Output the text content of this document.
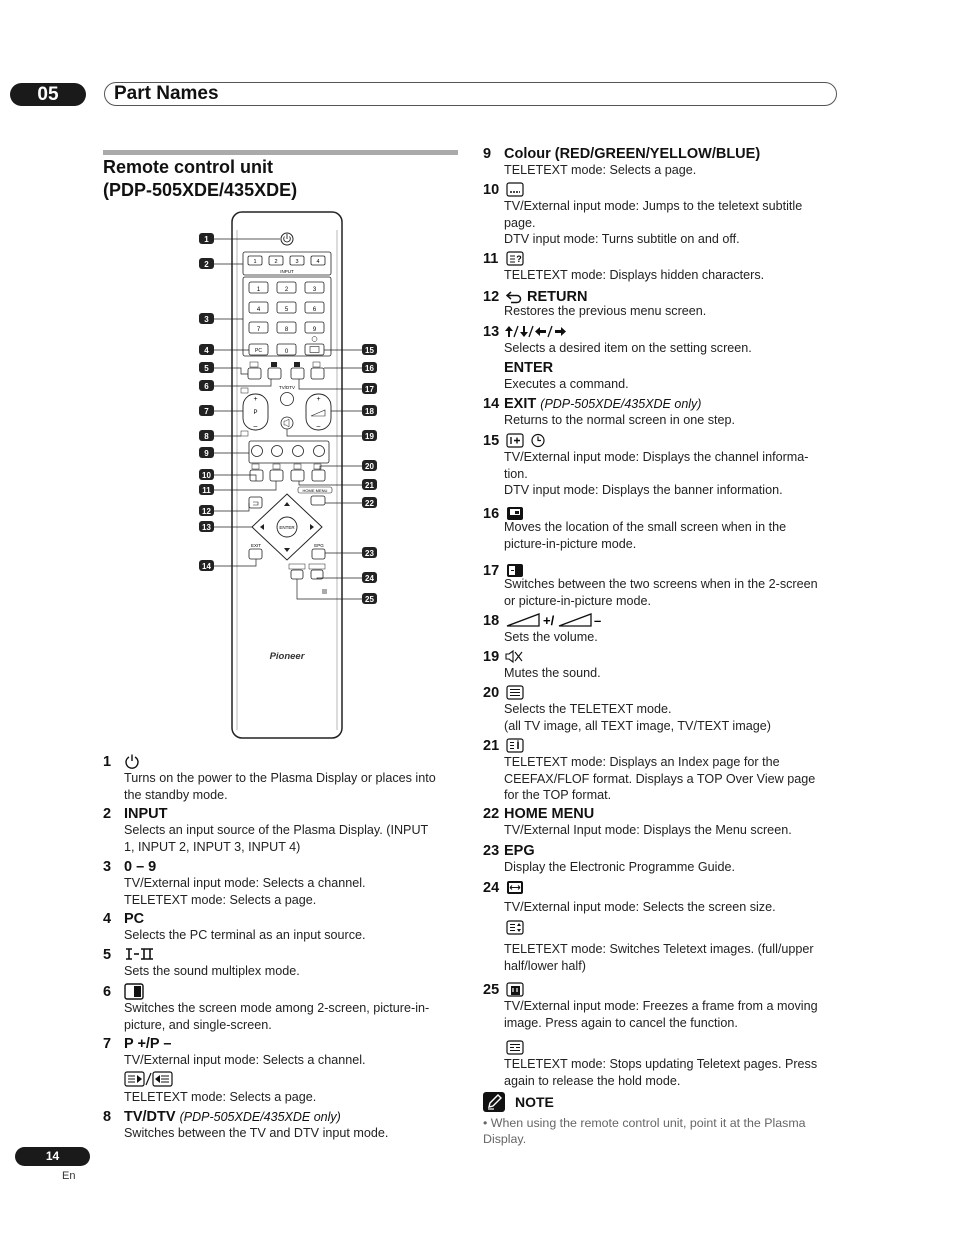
05	Part Names
Remote control unit
(PDP-505XDE/435XDE)
1	2	3	4
INPUT
1	2	3
4	5	6
7	8	9
0
PC
TV/DTV
P
+
–
+
–
HOME MENU
ENTER
EXIT	EPG
Pioneer
1
2
3
4
5
6
7
8
9
10
11
12
13
14
15
16
17
18
19
20
21
22
23
24
25
1
Turns on the power to the Plasma Display or places into
the standby mode.
2 INPUT
Selects an input source of the Plasma Display. (INPUT
1, INPUT 2, INPUT 3, INPUT 4)
3 0 – 9
TV/External input mode: Selects a channel.
TELETEXT mode: Selects a page.
4 PC
Selects the PC terminal as an input source.
5
Sets the sound multiplex mode.
6
Switches the screen mode among 2-screen, picture-in-
picture, and single-screen.
7 P +/P –
TV/External input mode: Selects a channel.
TELETEXT mode: Selects a page.
8 TV/DTV (PDP-505XDE/435XDE only)
Switches between the TV and DTV input mode.
9 Colour (RED/GREEN/YELLOW/BLUE)
TELETEXT mode: Selects a page.
10
TV/External input mode: Jumps to the teletext subtitle
page.
DTV input mode: Turns subtitle on and off.
11 ?
TELETEXT mode: Displays hidden characters.
12 RETURN
Restores the previous menu screen.
13
Selects a desired item on the setting screen.
ENTER
Executes a command.
14 EXIT (PDP-505XDE/435XDE only)
Returns to the normal screen in one step.
15
TV/External input mode: Displays the channel informa-
tion.
DTV input mode: Displays the banner information.
16
Moves the location of the small screen when in the
picture-in-picture mode.
17
Switches between the two screens when in the 2-screen
or picture-in-picture mode.
18	+/	–
Sets the volume.
19
Mutes the sound.
20
Selects the TELETEXT mode.
(all TV image, all TEXT image, TV/TEXT image)
21
TELETEXT mode: Displays an Index page for the
CEEFAX/FLOF format. Displays a TOP Over View page
for the TOP format.
22 HOME MENU
TV/External Input mode: Displays the Menu screen.
23 EPG
Display the Electronic Programme Guide.
24
TV/External input mode: Selects the screen size.
TELETEXT mode: Switches Teletext images. (full/upper
half/lower half)
25
TV/External input mode: Freezes a frame from a moving
image. Press again to cancel the function.
TELETEXT mode: Stops updating Teletext pages. Press
again to release the hold mode.
NOTE
• When using the remote control unit, point it at the Plasma Display.
14
En
